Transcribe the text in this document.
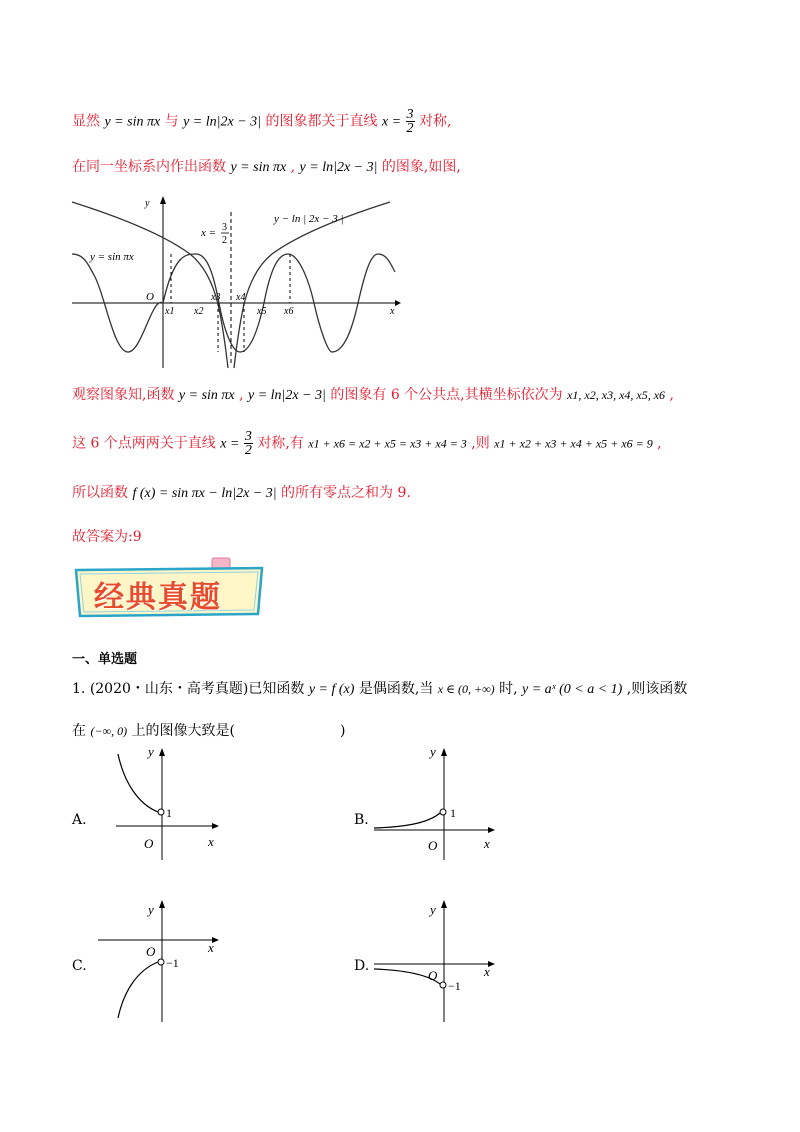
显然 y = sin πx 与 y = ln|2x − 3| 的图象都关于直线 $x = \frac{3}{2}$ 对称,
在同一坐标系内作出函数 y = sin πx , y = ln|2x − 3| 的图象,如图,
y − ln | 2x − 3 |
y = sin πx
x = 3
2
y
x
O
x1 x2
x3 x4
x5 x6
观察图象知,函数 y = sin πx , y = ln|2x − 3| 的图象有 6 个公共点,其横坐标依次为 x1, x2, x3, x4, x5, x6 ,
这 6 个点两两关于直线 $x = \frac{3}{2}$ 对称,有 x1 + x6 = x2 + x5 = x3 + x4 = 3 ,则 x1 + x2 + x3 + x4 + x5 + x6 = 9 ,
所以函数 f (x) = sin πx − ln|2x − 3| 的所有零点之和为 9.
故答案为:9
经典真题
一、单选题
1. (2020・山东・高考真题)已知函数 y = f (x) 是偶函数,当 x ∈ (0, +∞) 时, y = aˣ (0 < a < 1) ,则该函数
在 (−∞, 0) 上的图像大致是(	)
A.
y
x
O
1	B.
y
x
O
1
C.
y
x
O
−1	D.
y
x
O
−1
